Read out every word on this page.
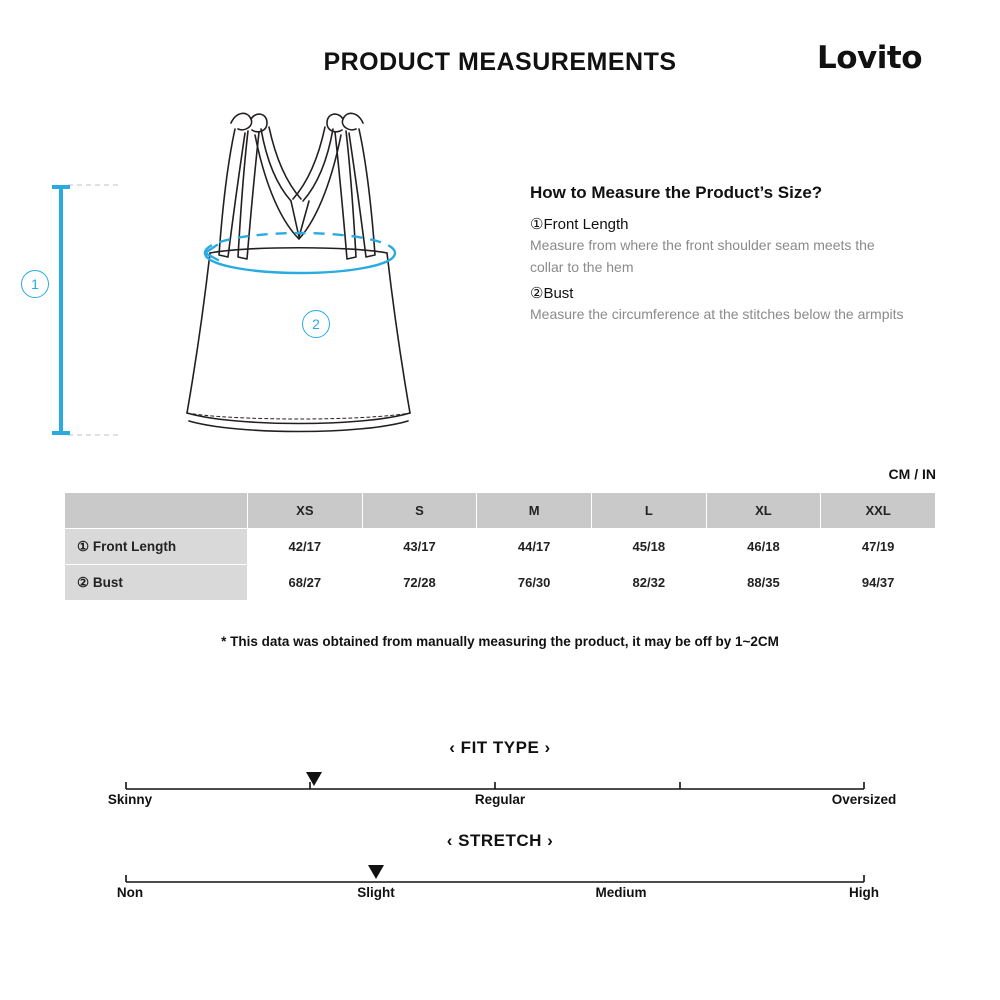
PRODUCT MEASUREMENTS	Lovito
1
2
How to Measure the Product’s Size?
①Front Length
Measure from where the front shoulder seam meets the collar to the hem
②Bust
Measure the circumference at the stitches below the armpits
CM / IN
	XS	S	M	L	XL	XXL
① Front Length	42/17	43/17	44/17	45/18	46/18	47/19
② Bust	68/27	72/28	76/30	82/32	88/35	94/37
* This data was obtained from manually measuring the product, it may be off by 1~2CM
‹ FIT TYPE ›
Skinny	Regular	Oversized
‹ STRETCH ›
Non	Slight	Medium	High
